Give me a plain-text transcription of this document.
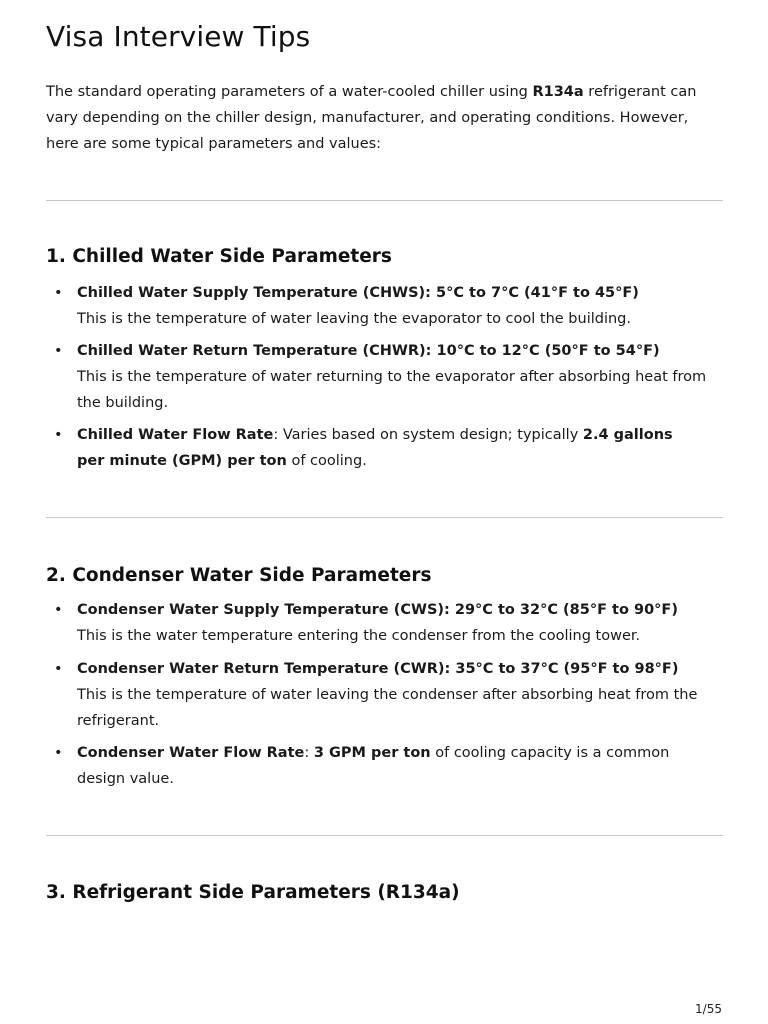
Visa Interview Tips

The standard operating parameters of a water-cooled chiller using R134a refrigerant can vary depending on the chiller design, manufacturer, and operating conditions. However, here are some typical parameters and values:

1. Chilled Water Side Parameters
• Chilled Water Supply Temperature (CHWS): 5°C to 7°C (41°F to 45°F)
This is the temperature of water leaving the evaporator to cool the building.
• Chilled Water Return Temperature (CHWR): 10°C to 12°C (50°F to 54°F)
This is the temperature of water returning to the evaporator after absorbing heat from the building.
• Chilled Water Flow Rate: Varies based on system design; typically 2.4 gallons per minute (GPM) per ton of cooling.
2. Condenser Water Side Parameters
• Condenser Water Supply Temperature (CWS): 29°C to 32°C (85°F to 90°F)
This is the water temperature entering the condenser from the cooling tower.
• Condenser Water Return Temperature (CWR): 35°C to 37°C (95°F to 98°F)
This is the temperature of water leaving the condenser after absorbing heat from the refrigerant.
• Condenser Water Flow Rate: 3 GPM per ton of cooling capacity is a common design value.
3. Refrigerant Side Parameters (R134a)
1/55
